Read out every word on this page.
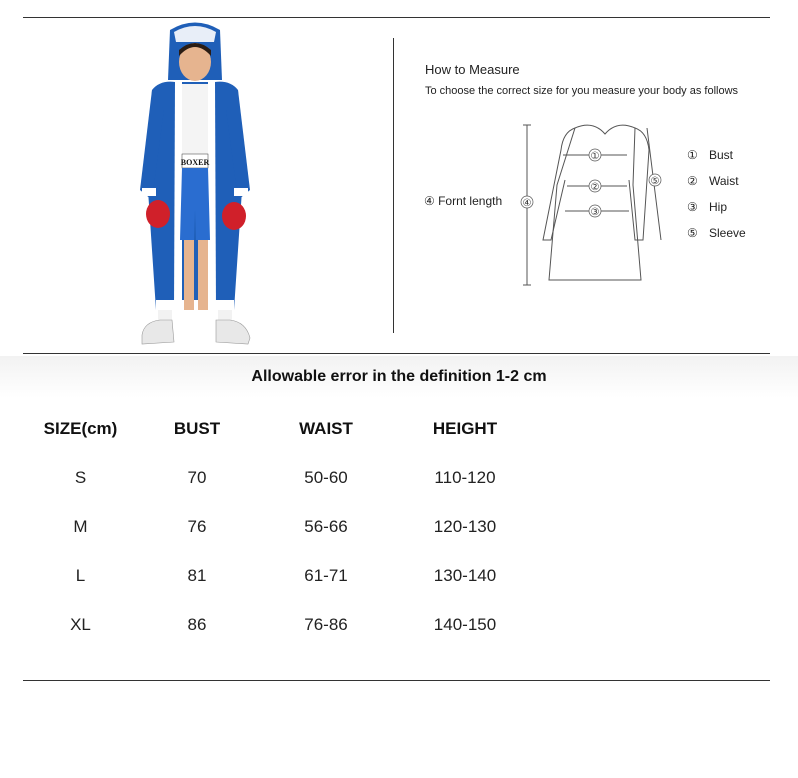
BOXER
How to Measure
To choose the correct size for you measure your body as follows
④
①
②
③
⑤
④ Fornt length
① Bust
② Waist
③ Hip
⑤ Sleeve
Allowable error in the definition 1-2 cm
SIZE(cm)	BUST	WAIST	HEIGHT
S	70	50-60	110-120
M	76	56-66	120-130
L	81	61-71	130-140
XL	86	76-86	140-150
